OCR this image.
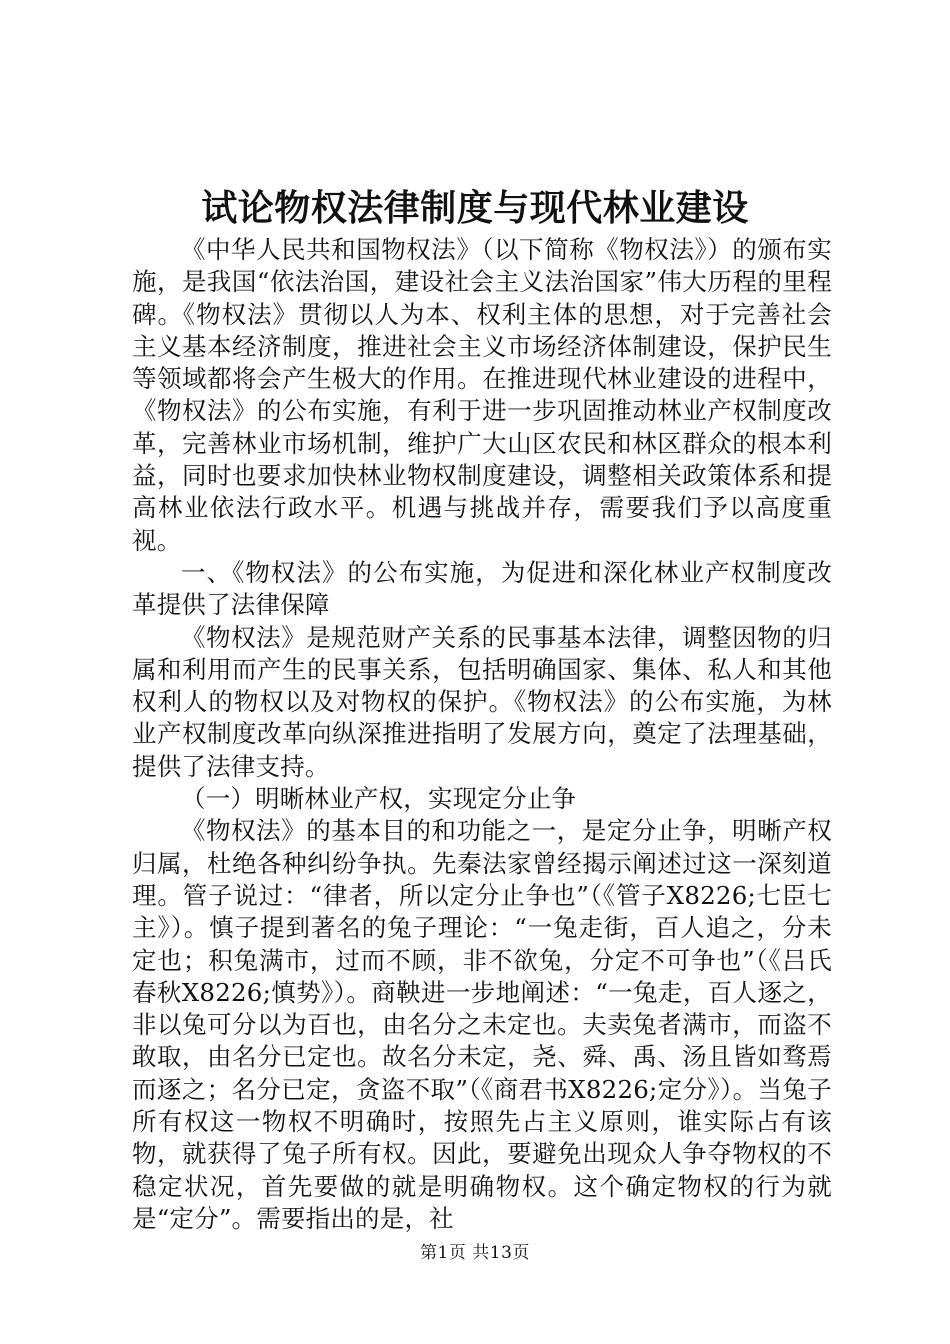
试论物权法律制度与现代林业建设

《中华人民共和国物权法》（以下简称《物权法》）的颁布实施，是我国“依法治国，建设社会主义法治国家”伟大历程的里程碑。《物权法》贯彻以人为本、权利主体的思想，对于完善社会主义基本经济制度，推进社会主义市场经济体制建设，保护民生等领域都将会产生极大的作用。在推进现代林业建设的进程中，《物权法》的公布实施，有利于进一步巩固推动林业产权制度改革，完善林业市场机制，维护广大山区农民和林区群众的根本利益，同时也要求加快林业物权制度建设，调整相关政策体系和提高林业依法行政水平。机遇与挑战并存，需要我们予以高度重视。

一、《物权法》的公布实施，为促进和深化林业产权制度改革提供了法律保障

《物权法》是规范财产关系的民事基本法律，调整因物的归属和利用而产生的民事关系，包括明确国家、集体、私人和其他权利人的物权以及对物权的保护。《物权法》的公布实施，为林业产权制度改革向纵深推进指明了发展方向，奠定了法理基础，提供了法律支持。

（一）明晰林业产权，实现定分止争

《物权法》的基本目的和功能之一，是定分止争，明晰产权归属，杜绝各种纠纷争执。先秦法家曾经揭示阐述过这一深刻道理。管子说过：“律者，所以定分止争也”（《管子X8226;七臣七主》）。慎子提到著名的兔子理论：“一兔走街，百人追之，分未定也；积兔满市，过而不顾，非不欲兔，分定不可争也”（《吕氏春秋X8226;慎势》）。商鞅进一步地阐述：“一兔走，百人逐之，非以兔可分以为百也，由名分之未定也。夫卖兔者满市，而盗不敢取，由名分已定也。故名分未定，尧、舜、禹、汤且皆如骛焉而逐之；名分已定，贪盗不取”（《商君书X8226;定分》）。当兔子所有权这一物权不明确时，按照先占主义原则，谁实际占有该物，就获得了兔子所有权。因此，要避免出现众人争夺物权的不稳定状况，首先要做的就是明确物权。这个确定物权的行为就是“定分”。需要指出的是，社

第1页 共13页
